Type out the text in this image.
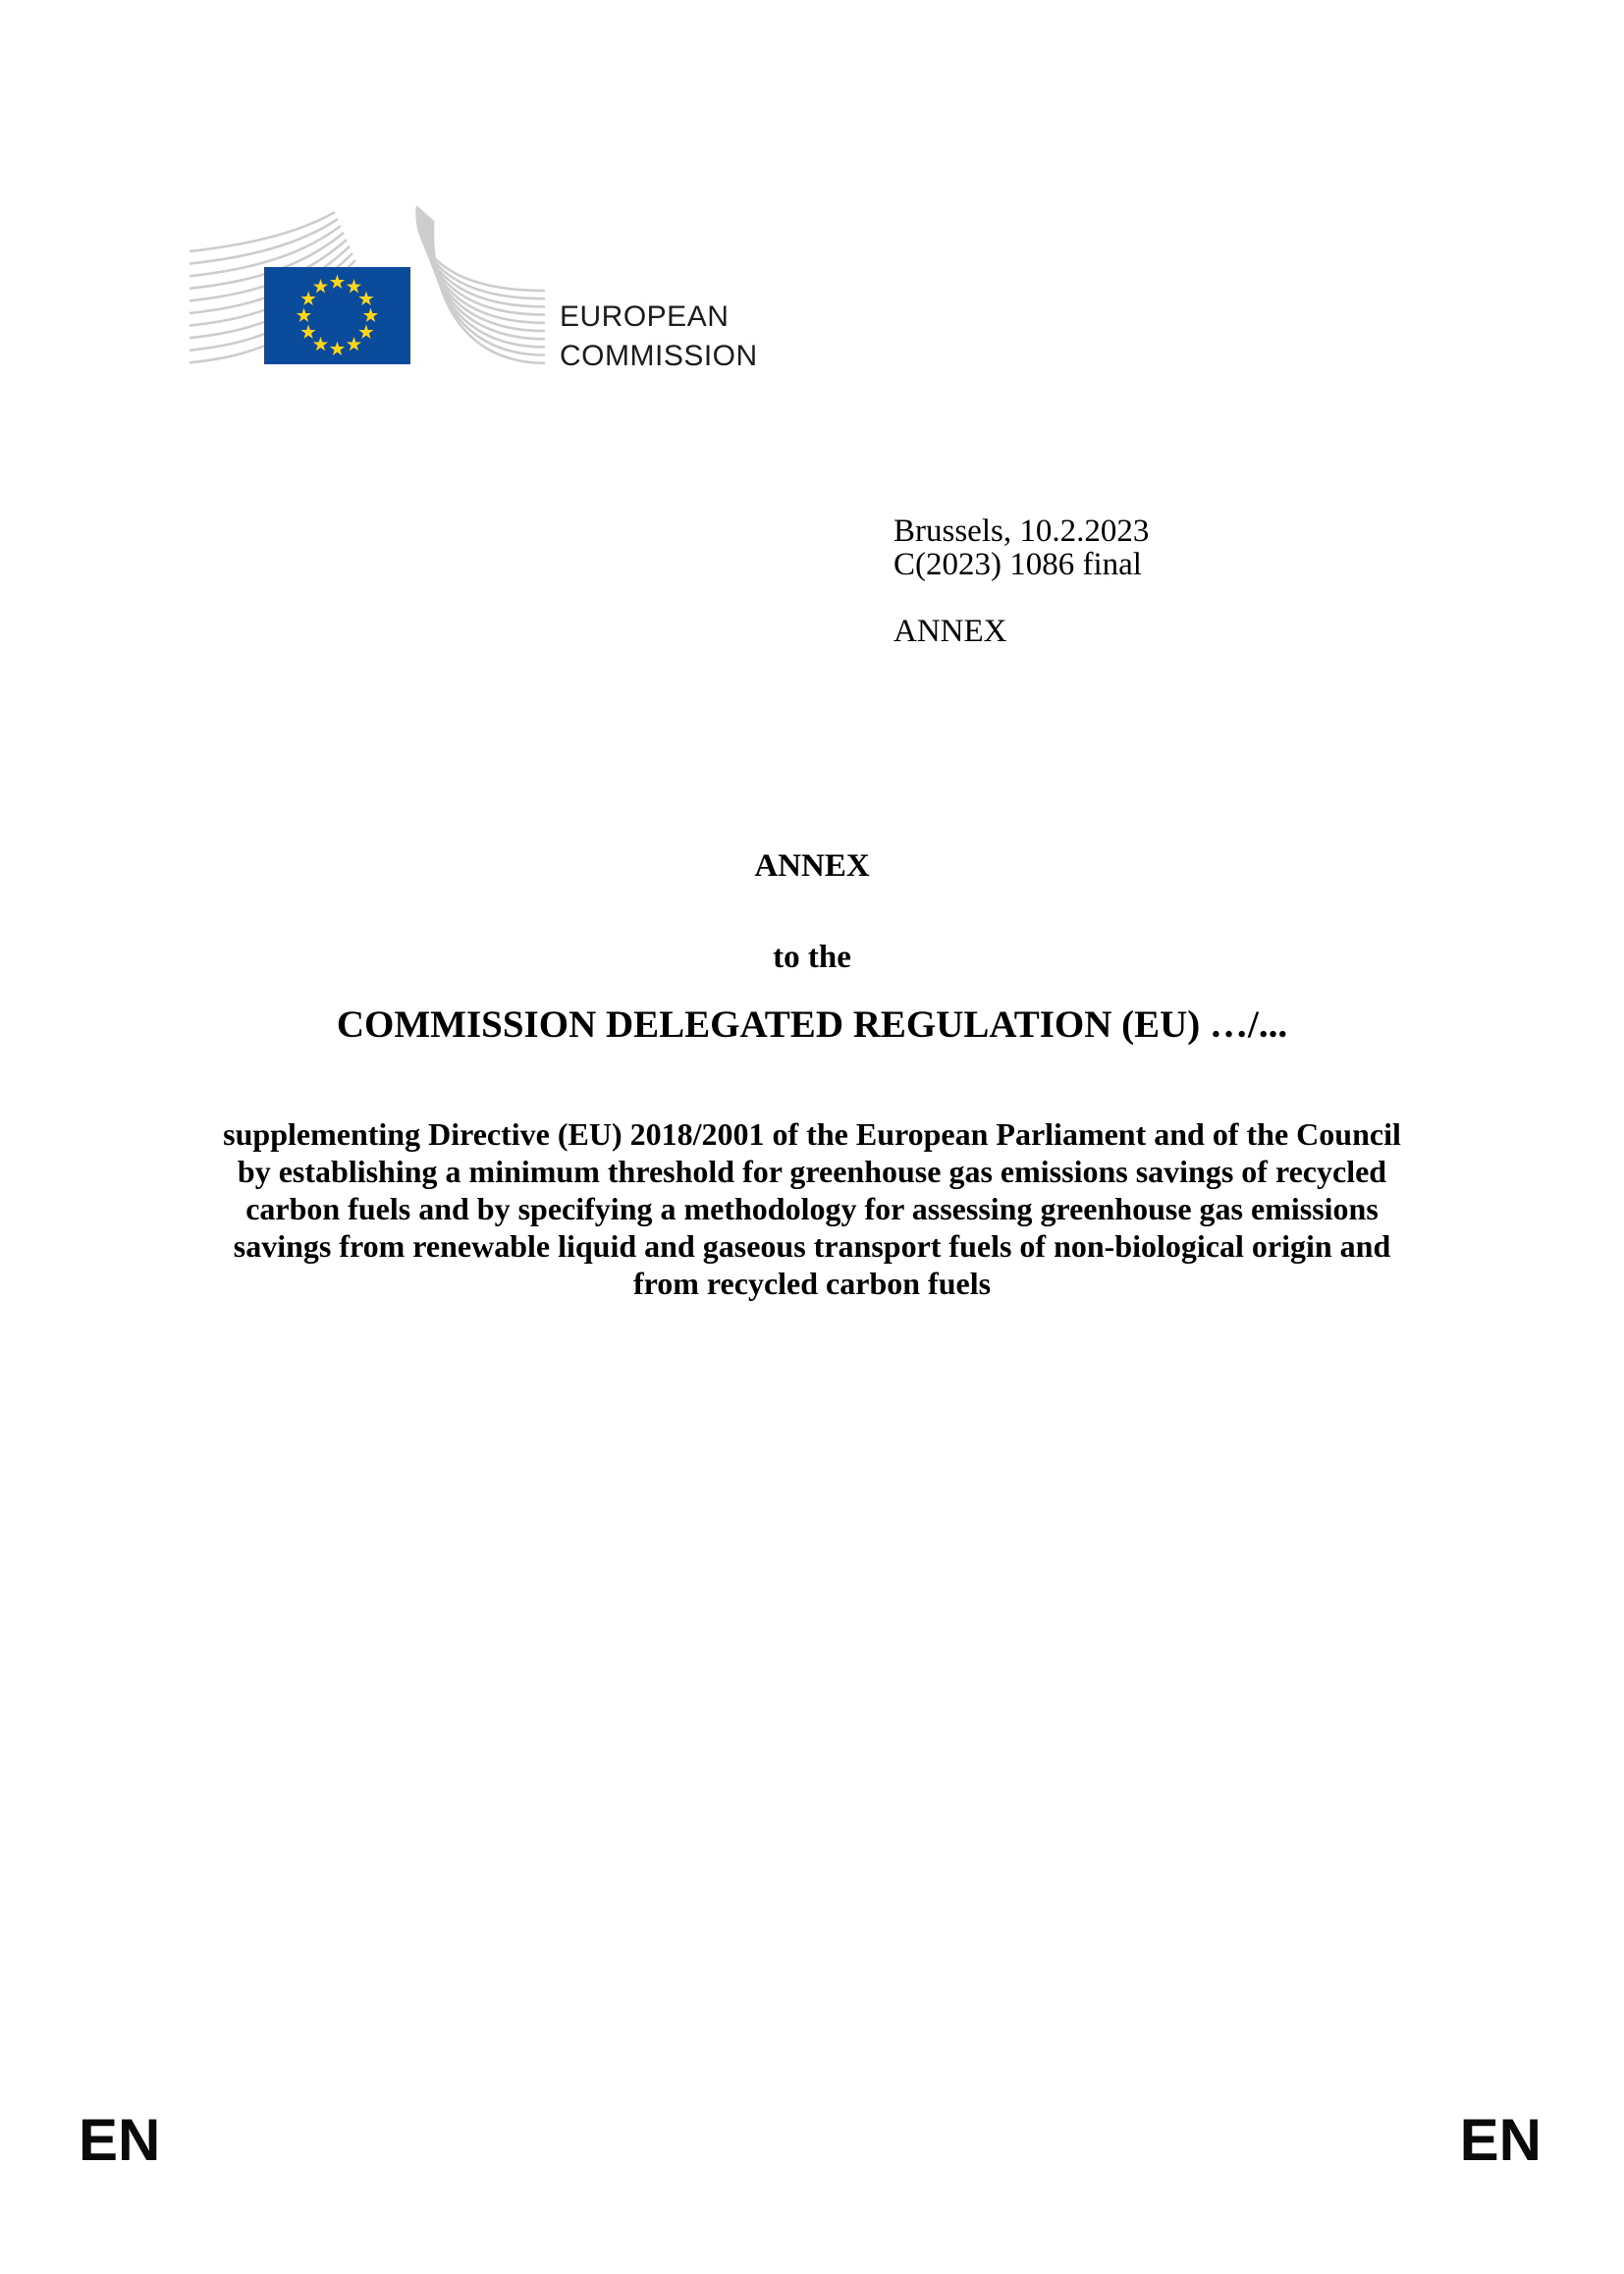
EUROPEAN
COMMISSION
Brussels, 10.2.2023
C(2023) 1086 final
ANNEX
ANNEX
to the
COMMISSION DELEGATED REGULATION (EU) …/...
supplementing Directive (EU) 2018/2001 of the European Parliament and of the Council
by establishing a minimum threshold for greenhouse gas emissions savings of recycled
carbon fuels and by specifying a methodology for assessing greenhouse gas emissions
savings from renewable liquid and gaseous transport fuels of non-biological origin and
from recycled carbon fuels
EN	EN
